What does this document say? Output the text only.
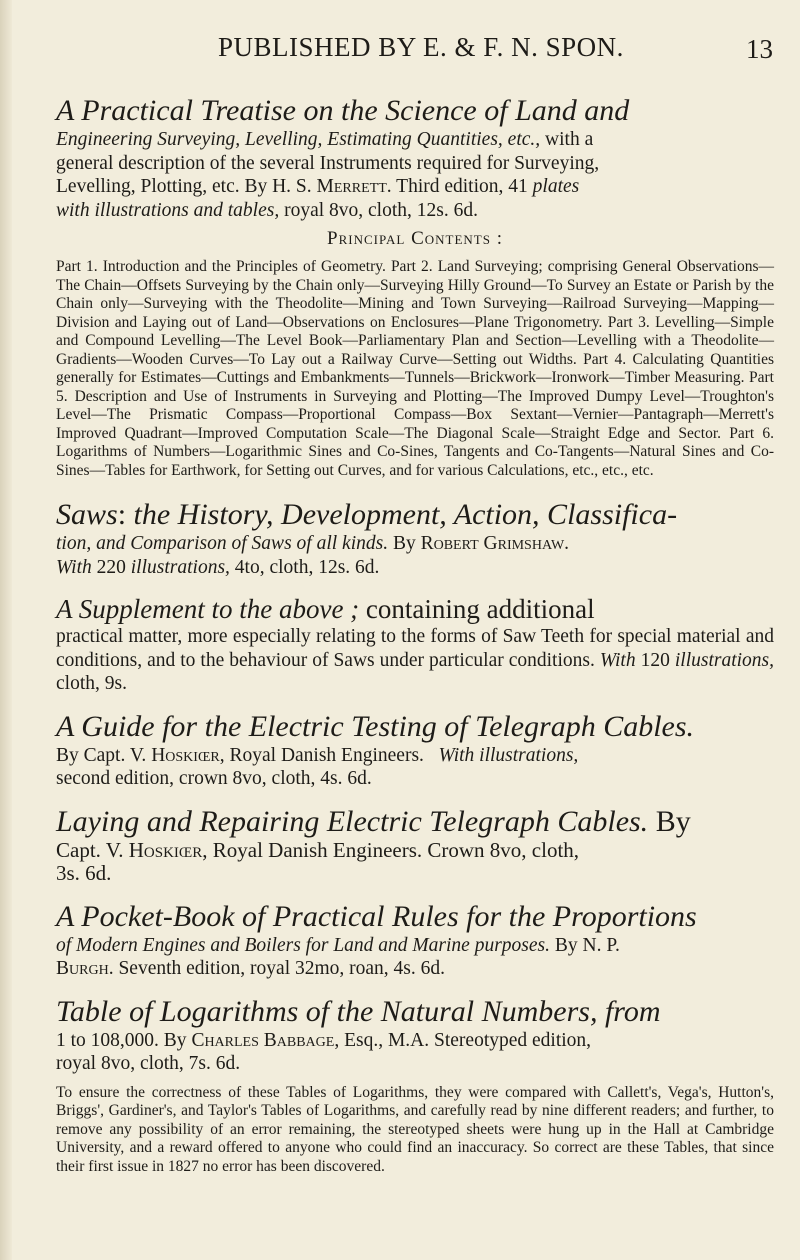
PUBLISHED BY E. & F. N. SPON.	13
A Practical Treatise on the Science of Land and
Engineering Surveying, Levelling, Estimating Quantities, etc., with a
general description of the several Instruments required for Surveying,
Levelling, Plotting, etc. By H. S. Merrett. Third edition, 41 plates
with illustrations and tables, royal 8vo, cloth, 12s. 6d.
Principal Contents :
Part 1. Introduction and the Principles of Geometry. Part 2. Land Surveying; comprising General Observations—The Chain—Offsets Surveying by the Chain only—Surveying Hilly Ground—To Survey an Estate or Parish by the Chain only—Surveying with the Theodolite—Mining and Town Surveying—Railroad Surveying—Mapping—Division and Laying out of Land—Observations on Enclosures—Plane Trigonometry. Part 3. Levelling—Simple and Compound Levelling—The Level Book—Parliamentary Plan and Section—Levelling with a Theodolite—Gradients—Wooden Curves—To Lay out a Railway Curve—Setting out Widths. Part 4. Calculating Quantities generally for Estimates—Cuttings and Embankments—Tunnels—Brickwork—Ironwork—Timber Measuring. Part 5. Description and Use of Instruments in Surveying and Plotting—The Improved Dumpy Level—Troughton's Level—The Prismatic Compass—Proportional Compass—Box Sextant—Vernier—Pantagraph—Merrett's Improved Quadrant—Improved Computation Scale—The Diagonal Scale—Straight Edge and Sector. Part 6. Logarithms of Numbers—Logarithmic Sines and Co-Sines, Tangents and Co-Tangents—Natural Sines and Co-Sines—Tables for Earthwork, for Setting out Curves, and for various Calculations, etc., etc., etc.
Saws: the History, Development, Action, Classifica-
tion, and Comparison of Saws of all kinds. By Robert Grimshaw.
With 220 illustrations, 4to, cloth, 12s. 6d.
A Supplement to the above ; containing additional
practical matter, more especially relating to the forms of Saw Teeth for special material and conditions, and to the behaviour of Saws under particular conditions. With 120 illustrations, cloth, 9s.
A Guide for the Electric Testing of Telegraph Cables.
By Capt. V. Hoskiœr, Royal Danish Engineers. With illustrations,
second edition, crown 8vo, cloth, 4s. 6d.
Laying and Repairing Electric Telegraph Cables. By
Capt. V. Hoskiœr, Royal Danish Engineers. Crown 8vo, cloth,
3s. 6d.
A Pocket-Book of Practical Rules for the Proportions
of Modern Engines and Boilers for Land and Marine purposes. By N. P.
Burgh. Seventh edition, royal 32mo, roan, 4s. 6d.
Table of Logarithms of the Natural Numbers, from
1 to 108,000. By Charles Babbage, Esq., M.A. Stereotyped edition,
royal 8vo, cloth, 7s. 6d.
To ensure the correctness of these Tables of Logarithms, they were compared with Callett's, Vega's, Hutton's, Briggs', Gardiner's, and Taylor's Tables of Logarithms, and carefully read by nine different readers; and further, to remove any possibility of an error remaining, the stereotyped sheets were hung up in the Hall at Cambridge University, and a reward offered to anyone who could find an inaccuracy. So correct are these Tables, that since their first issue in 1827 no error has been discovered.
